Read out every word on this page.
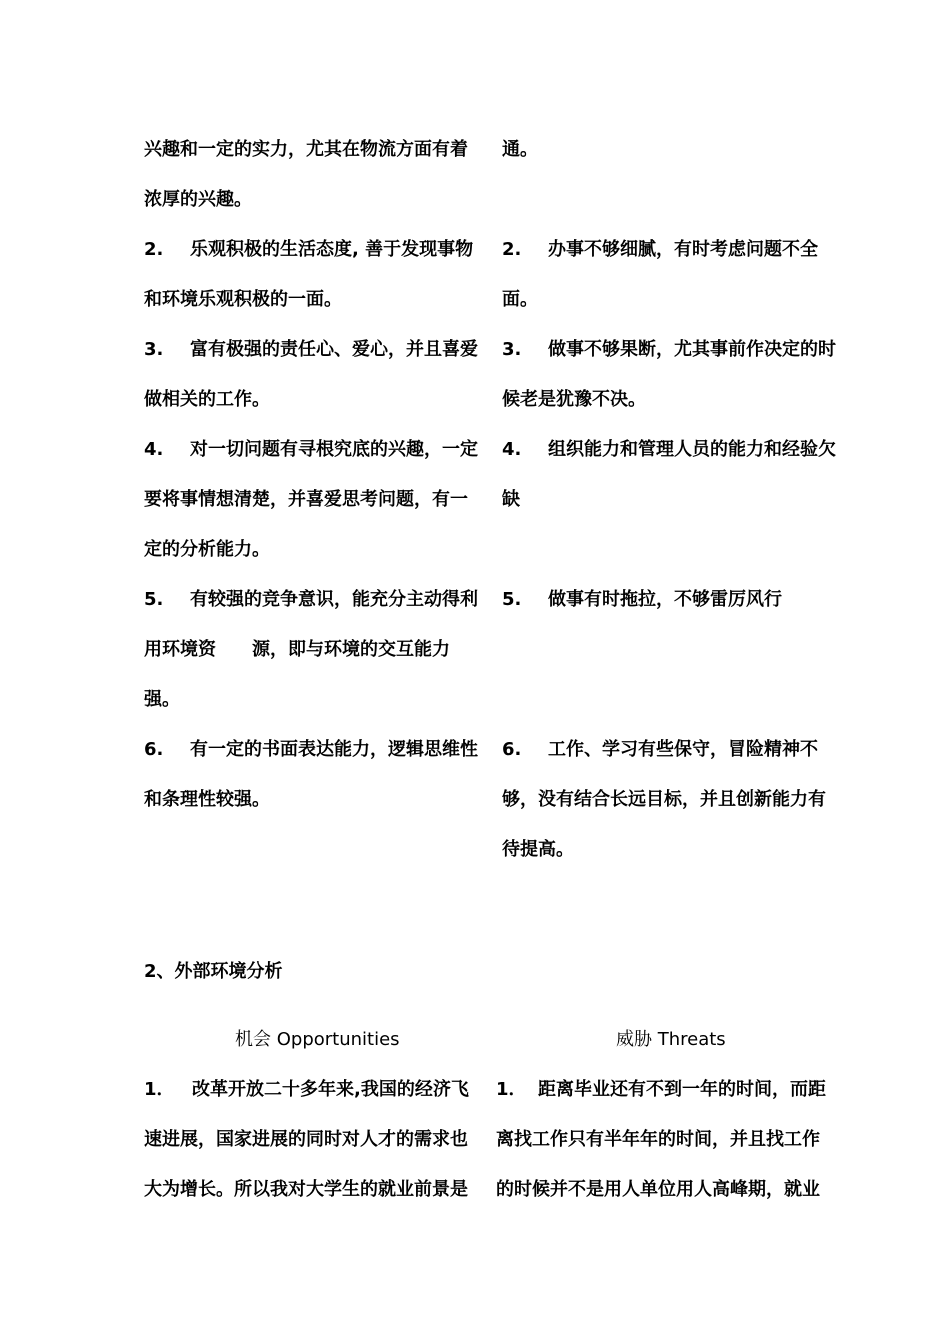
兴趣和一定的实力，尤其在物流方面有着
浓厚的兴趣。
2. 乐观积极的生活态度, 善于发现事物
和环境乐观积极的一面。
3. 富有极强的责任心、爱心，并且喜爱
做相关的工作。
4. 对一切问题有寻根究底的兴趣，一定
要将事情想清楚，并喜爱思考问题，有一
定的分析能力。
5. 有较强的竞争意识，能充分主动得利
用环境资　　源，即与环境的交互能力
强。
6. 有一定的书面表达能力，逻辑思维性
和条理性较强。
通。
2. 办事不够细腻，有时考虑问题不全
面。
3. 做事不够果断，尤其事前作决定的时
候老是犹豫不决。
4. 组织能力和管理人员的能力和经验欠
缺
5. 做事有时拖拉，不够雷厉风行
6. 工作、学习有些保守，冒险精神不
够，没有结合长远目标，并且创新能力有
待提高。
2、外部环境分析
机会 Opportunities	威胁 Threats
1． 改革开放二十多年来,我国的经济飞
速进展，国家进展的同时对人才的需求也
大为增长。所以我对大学生的就业前景是
1． 距离毕业还有不到一年的时间，而距
离找工作只有半年年的时间，并且找工作
的时候并不是用人单位用人高峰期，就业
